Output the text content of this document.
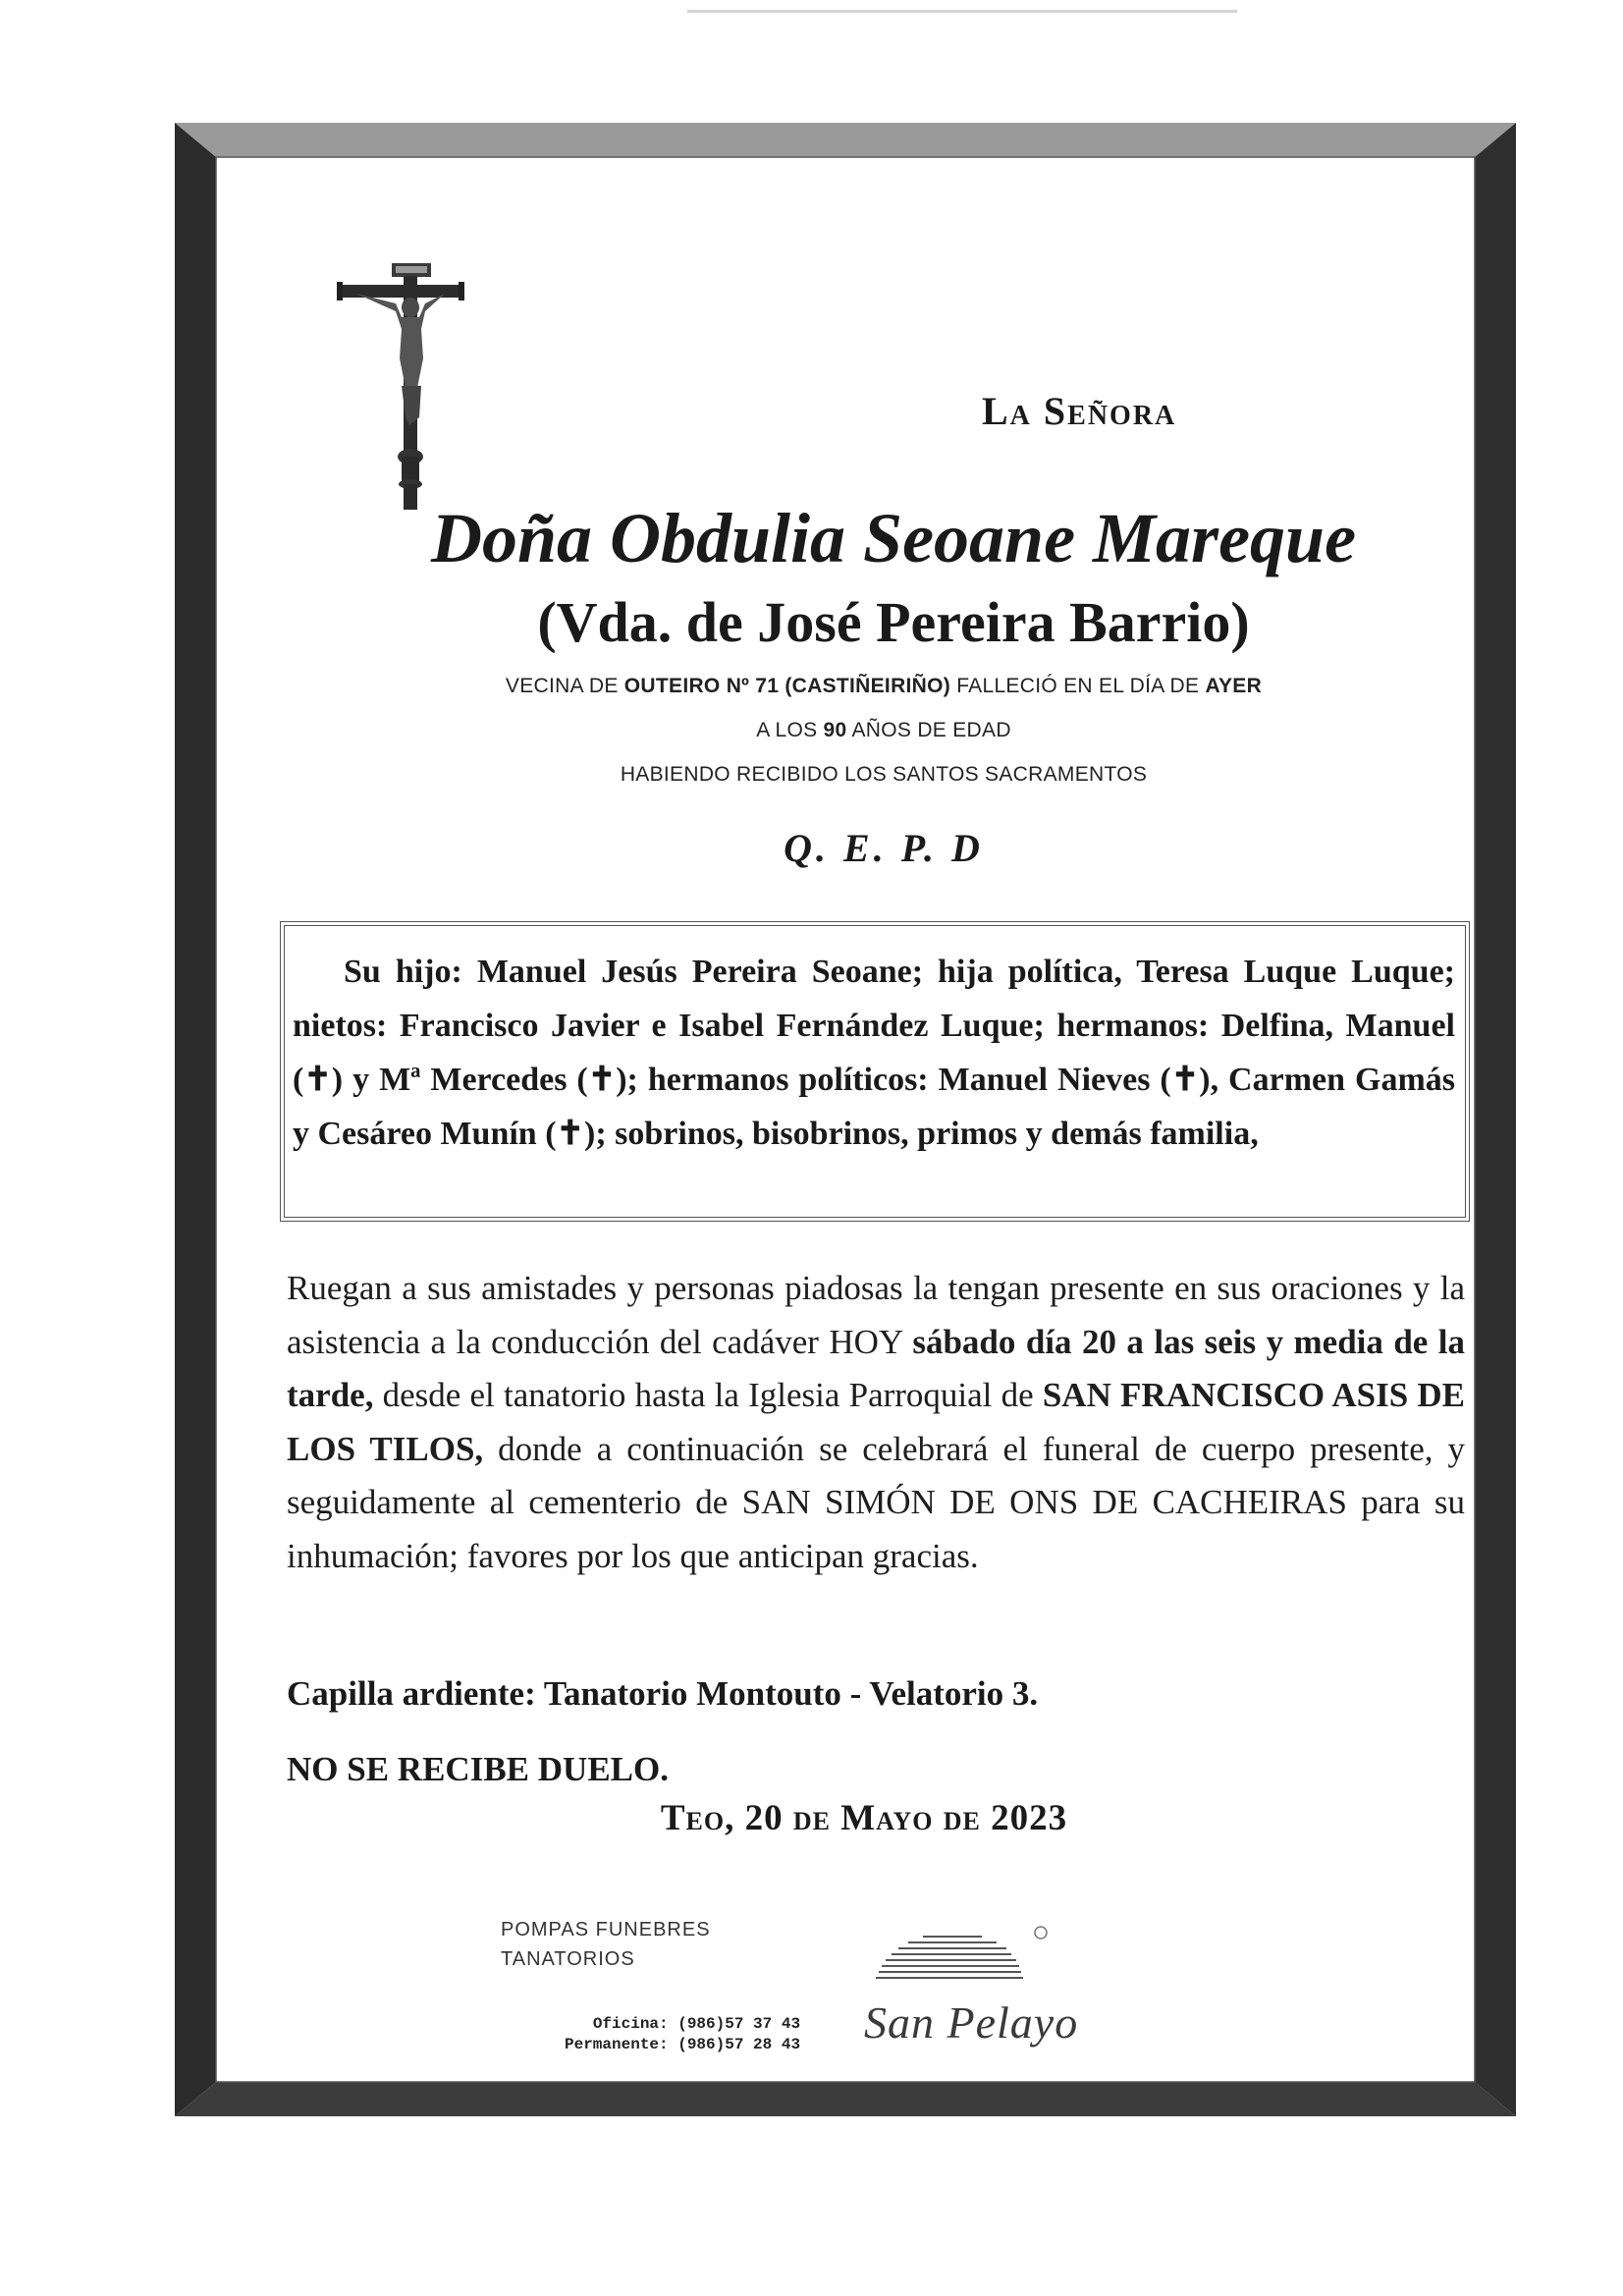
La Señora
Doña Obdulia Seoane Mareque
(Vda. de José Pereira Barrio)
VECINA DE OUTEIRO Nº 71 (CASTIÑEIRIÑO) FALLECIÓ EN EL DÍA DE AYER
A LOS 90 AÑOS DE EDAD
HABIENDO RECIBIDO LOS SANTOS SACRAMENTOS
Q. E. P. D
Su hijo: Manuel Jesús Pereira Seoane; hija política, Teresa Luque Luque; nietos: Francisco Javier e Isabel Fernández Luque; hermanos: Delfina, Manuel (✝) y Mª Mercedes (✝); hermanos políticos: Manuel Nieves (✝), Carmen Gamás y Cesáreo Munín (✝); sobrinos, bisobrinos, primos y demás familia,
Ruegan a sus amistades y personas piadosas la tengan presente en sus oraciones y la asistencia a la conducción del cadáver HOY sábado día 20 a las seis y media de la tarde, desde el tanatorio hasta la Iglesia Parroquial de SAN FRANCISCO ASIS DE LOS TILOS, donde a continuación se celebrará el funeral de cuerpo presente, y seguidamente al cementerio de SAN SIMÓN DE ONS DE CACHEIRAS para su inhumación; favores por los que anticipan gracias.
Capilla ardiente: Tanatorio Montouto - Velatorio 3.
NO SE RECIBE DUELO.
Teo, 20 de Mayo de 2023
POMPAS FUNEBRES
TANATORIOS
Oficina: (986)57 37 43
Permanente: (986)57 28 43 San Pelayo
